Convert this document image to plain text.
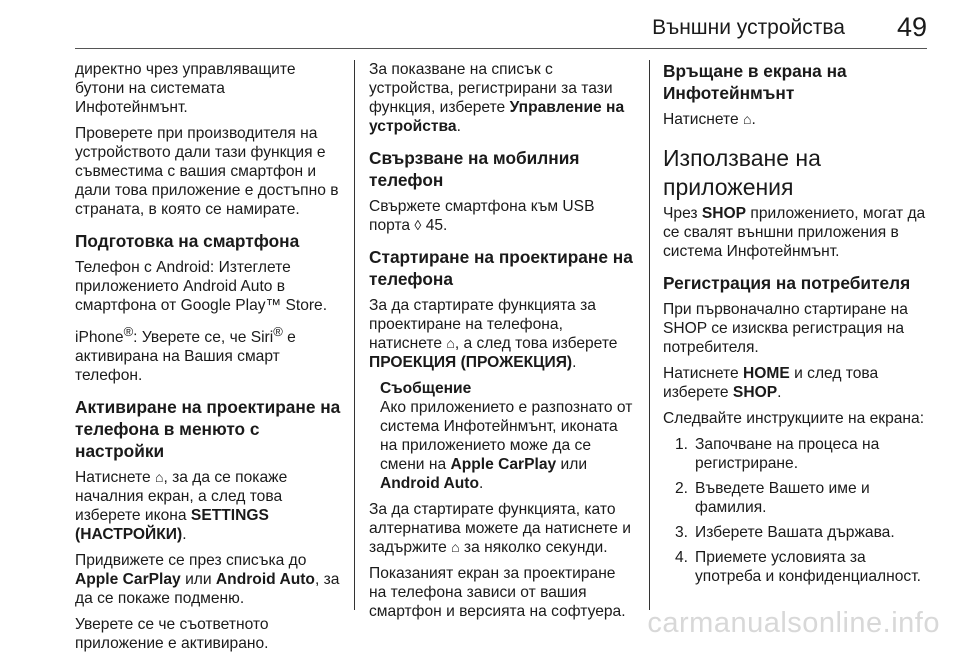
Външни устройства 49

директно чрез управляващите бутони на системата Инфотейнмънт.

Проверете при производителя на устройството дали тази функция е съвместима с вашия смартфон и дали това приложение е достъпно в страната, в която се намирате.

Подготовка на смартфона

Телефон с Android: Изтеглете приложението Android Auto в смартфона от Google Play™ Store.

iPhone®: Уверете се, че Siri® е активирана на Вашия смарт телефон.

Активиране на проектиране на телефона в менюто с настройки

Натиснете ⌂, за да се покаже началния екран, а след това изберете икона SETTINGS (НАСТРОЙКИ).

Придвижете се през списъка до Apple CarPlay или Android Auto, за да се покаже подменю.

Уверете се че съответното приложение е активирано.

За показване на списък с устройства, регистрирани за тази функция, изберете Управление на устройства.

Свързване на мобилния телефон

Свържете смартфона към USB порта ◊ 45.

Стартиране на проектиране на телефона

За да стартирате функцията за проектиране на телефона, натиснете ⌂, а след това изберете ПРОЕКЦИЯ (ПРОЖЕКЦИЯ).

Съобщение
Ако приложението е разпознато от система Инфотейнмънт, иконата на приложението може да се смени на Apple CarPlay или Android Auto.

За да стартирате функцията, като алтернатива можете да натиснете и задържите ⌂ за няколко секунди.

Показаният екран за проектиране на телефона зависи от вашия смартфон и версията на софтуера.

Връщане в екрана на Инфотейнмънт

Натиснете ⌂.

Използване на приложения

Чрез SHOP приложението, могат да се свалят външни приложения в система Инфотейнмънт.

Регистрация на потребителя

При първоначално стартиране на SHOP се изисква регистрация на потребителя.

Натиснете HOME и след това изберете SHOP.

Следвайте инструкциите на екрана:

1. Започване на процеса на регистриране.
2. Въведете Вашето име и фамилия.
3. Изберете Вашата държава.
4. Приемете условията за употреба и конфиденциалност.
carmanualsonline.info
